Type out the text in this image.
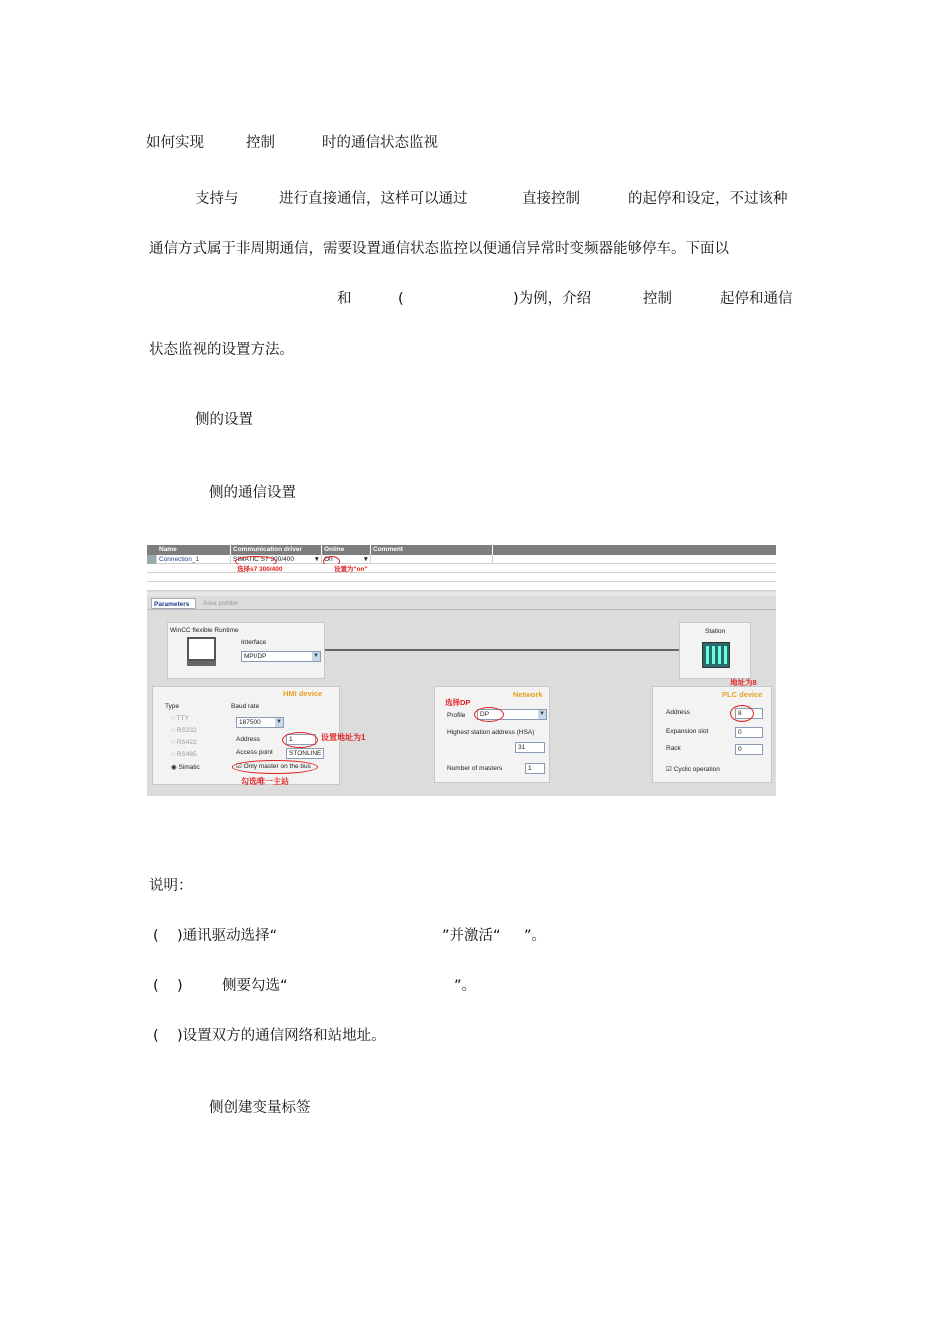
如何实现	控制	时的通信状态监视
支持与	进行直接通信，这样可以通过	直接控制	的起停和设定，不过该种
通信方式属于非周期通信，需要设置通信状态监控以便通信异常时变频器能够停车。下面以
和	(	)为例，介绍	控制	起停和通信
状态监视的设置方法。
侧的设置
侧的通信设置
Name	Communication driver	Online	Comment
Connection_1	SIMATIC S7 300/400	▼ On	▼
选择s7 300/400	设置为"on"
Parameters	Area pointer
WinCC flexible Runtime
Interface
MPI/DP	▼
Station
HMI device
Type
○ TTY
○ RS232
○ RS422
○ RS485
◉ Simatic
Baud rate
187500	▼
Address	1	设置地址为1
Access point	STONLINE
☑ Only master on the bus
勾选唯一主站
Network
选择DP
Profile	DP	▼
Highest station address (HSA)
31
Number of masters	1
PLC device
Address	8
Expansion slot	0
Rack	0
☑ Cyclic operation
地址为8
说明：
( )通讯驱动选择“	”并激活“ ”。
( )	侧要勾选“	”。
( )设置双方的通信网络和站地址。
侧创建变量标签
